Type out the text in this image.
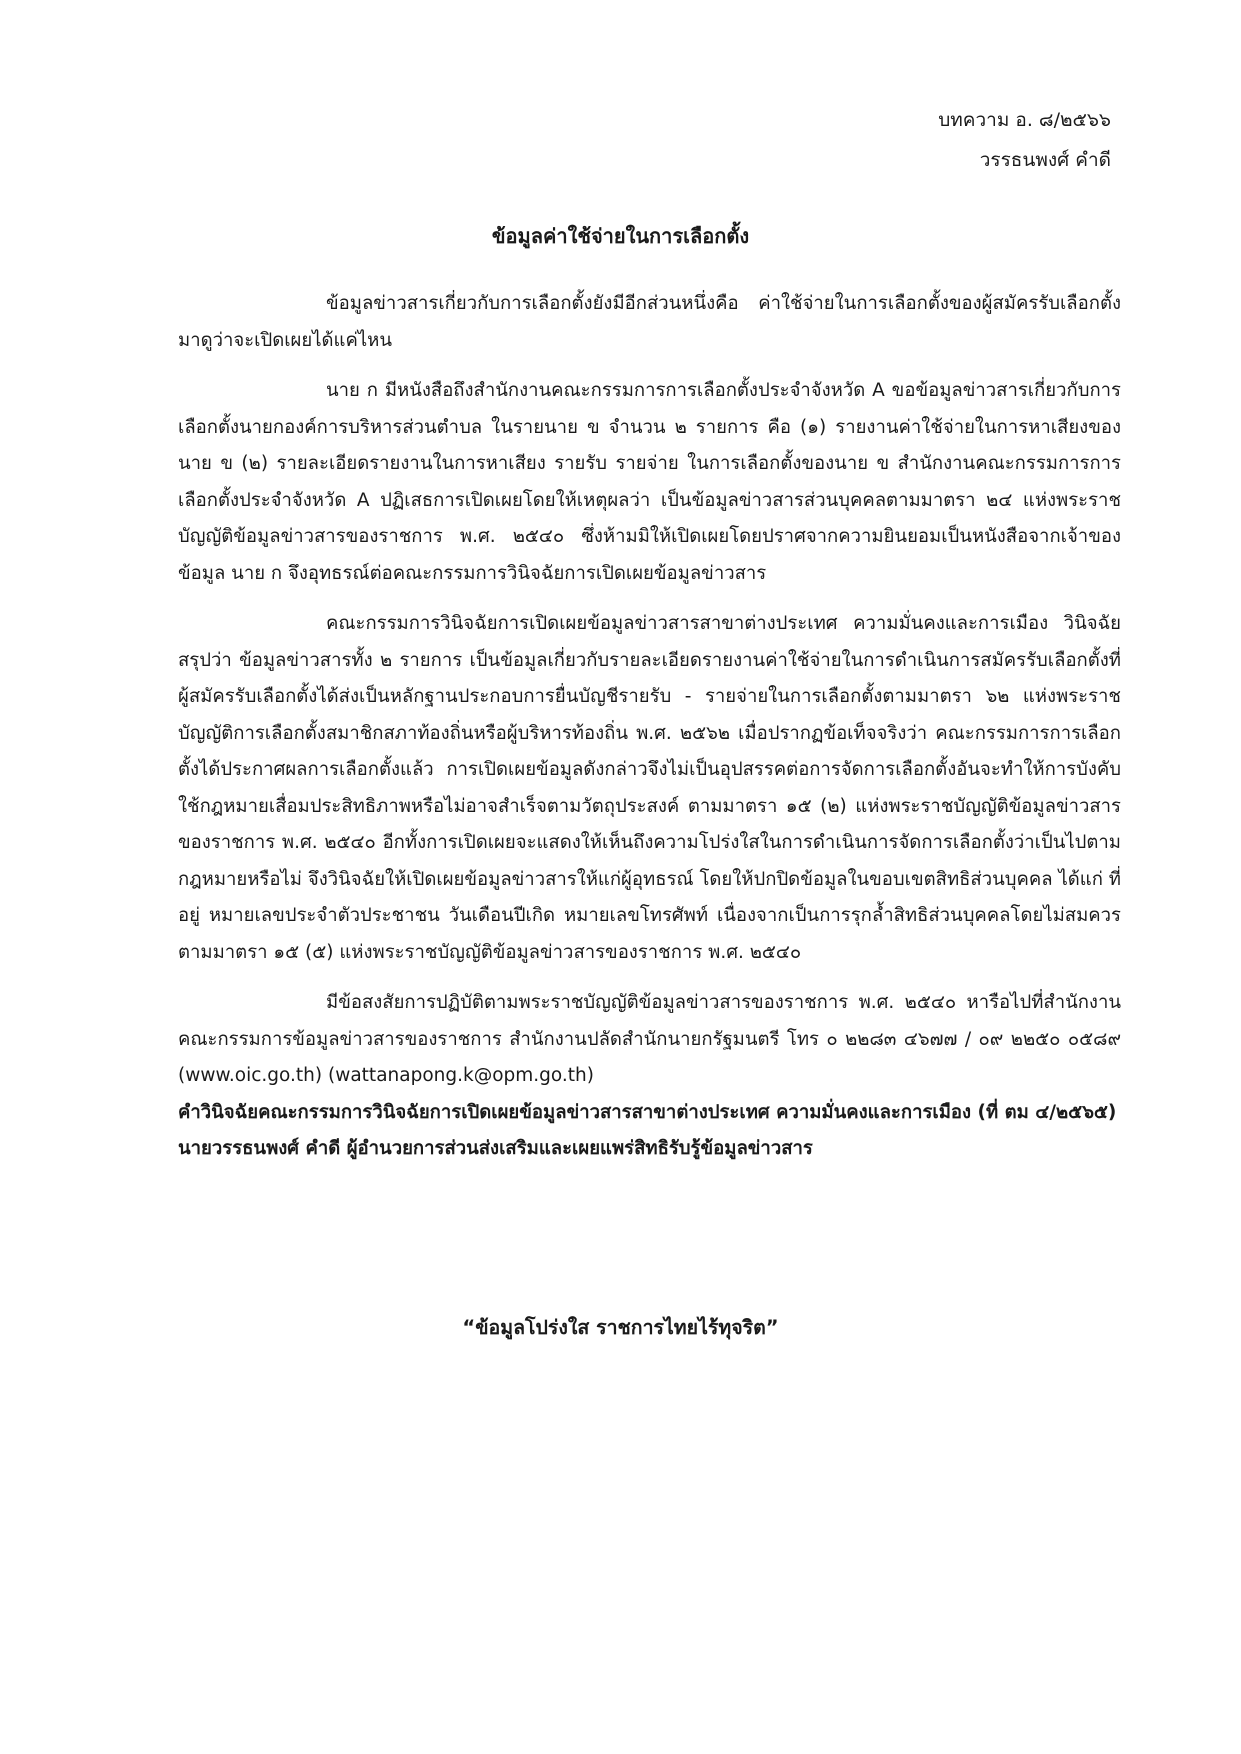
บทความ อ. ๘/๒๕๖๖
วรรธนพงศ์ คำดี
ข้อมูลค่าใช้จ่ายในการเลือกตั้ง

ข้อมูลข่าวสารเกี่ยวกับการเลือกตั้งยังมีอีกส่วนหนึ่งคือ ค่าใช้จ่ายในการเลือกตั้งของผู้สมัครรับเลือกตั้ง มาดูว่าจะเปิดเผยได้แค่ไหน

นาย ก มีหนังสือถึงสำนักงานคณะกรรมการการเลือกตั้งประจำจังหวัด A ขอข้อมูลข่าวสารเกี่ยวกับการเลือกตั้งนายกองค์การบริหารส่วนตำบล ในรายนาย ข จำนวน ๒ รายการ คือ (๑) รายงานค่าใช้จ่ายในการหาเสียงของนาย ข (๒) รายละเอียดรายงานในการหาเสียง รายรับ รายจ่าย ในการเลือกตั้งของนาย ข สำนักงานคณะกรรมการการเลือกตั้งประจำจังหวัด A ปฏิเสธการเปิดเผยโดยให้เหตุผลว่า เป็นข้อมูลข่าวสารส่วนบุคคลตามมาตรา ๒๔ แห่งพระราชบัญญัติข้อมูลข่าวสารของราชการ พ.ศ. ๒๕๔๐ ซึ่งห้ามมิให้เปิดเผยโดยปราศจากความยินยอมเป็นหนังสือจากเจ้าของข้อมูล นาย ก จึงอุทธรณ์ต่อคณะกรรมการวินิจฉัยการเปิดเผยข้อมูลข่าวสาร

คณะกรรมการวินิจฉัยการเปิดเผยข้อมูลข่าวสารสาขาต่างประเทศ ความมั่นคงและการเมือง วินิจฉัยสรุปว่า ข้อมูลข่าวสารทั้ง ๒ รายการ เป็นข้อมูลเกี่ยวกับรายละเอียดรายงานค่าใช้จ่ายในการดำเนินการสมัครรับเลือกตั้งที่ผู้สมัครรับเลือกตั้งได้ส่งเป็นหลักฐานประกอบการยื่นบัญชีรายรับ - รายจ่ายในการเลือกตั้งตามมาตรา ๖๒ แห่งพระราชบัญญัติการเลือกตั้งสมาชิกสภาท้องถิ่นหรือผู้บริหารท้องถิ่น พ.ศ. ๒๕๖๒ เมื่อปรากฏข้อเท็จจริงว่า คณะกรรมการการเลือกตั้งได้ประกาศผลการเลือกตั้งแล้ว การเปิดเผยข้อมูลดังกล่าวจึงไม่เป็นอุปสรรคต่อการจัดการเลือกตั้งอันจะทำให้การบังคับใช้กฎหมายเสื่อมประสิทธิภาพหรือไม่อาจสำเร็จตามวัตถุประสงค์ ตามมาตรา ๑๕ (๒) แห่งพระราชบัญญัติข้อมูลข่าวสารของราชการ พ.ศ. ๒๕๔๐ อีกทั้งการเปิดเผยจะแสดงให้เห็นถึงความโปร่งใสในการดำเนินการจัดการเลือกตั้งว่าเป็นไปตามกฎหมายหรือไม่ จึงวินิจฉัยให้เปิดเผยข้อมูลข่าวสารให้แก่ผู้อุทธรณ์ โดยให้ปกปิดข้อมูลในขอบเขตสิทธิส่วนบุคคล ได้แก่ ที่อยู่ หมายเลขประจำตัวประชาชน วันเดือนปีเกิด หมายเลขโทรศัพท์ เนื่องจากเป็นการรุกล้ำสิทธิส่วนบุคคลโดยไม่สมควร ตามมาตรา ๑๕ (๕) แห่งพระราชบัญญัติข้อมูลข่าวสารของราชการ พ.ศ. ๒๕๔๐

มีข้อสงสัยการปฏิบัติตามพระราชบัญญัติข้อมูลข่าวสารของราชการ พ.ศ. ๒๕๔๐ หารือไปที่สำนักงานคณะกรรมการข้อมูลข่าวสารของราชการ สำนักงานปลัดสำนักนายกรัฐมนตรี โทร ๐ ๒๒๘๓ ๔๖๗๗ / ๐๙ ๒๒๕๐ ๐๕๘๙ (www.oic.go.th) (wattanapong.k@opm.go.th)

คำวินิจฉัยคณะกรรมการวินิจฉัยการเปิดเผยข้อมูลข่าวสารสาขาต่างประเทศ ความมั่นคงและการเมือง (ที่ ตม ๔/๒๕๖๕) นายวรรธนพงศ์ คำดี ผู้อำนวยการส่วนส่งเสริมและเผยแพร่สิทธิรับรู้ข้อมูลข่าวสาร

“ข้อมูลโปร่งใส ราชการไทยไร้ทุจริต”
